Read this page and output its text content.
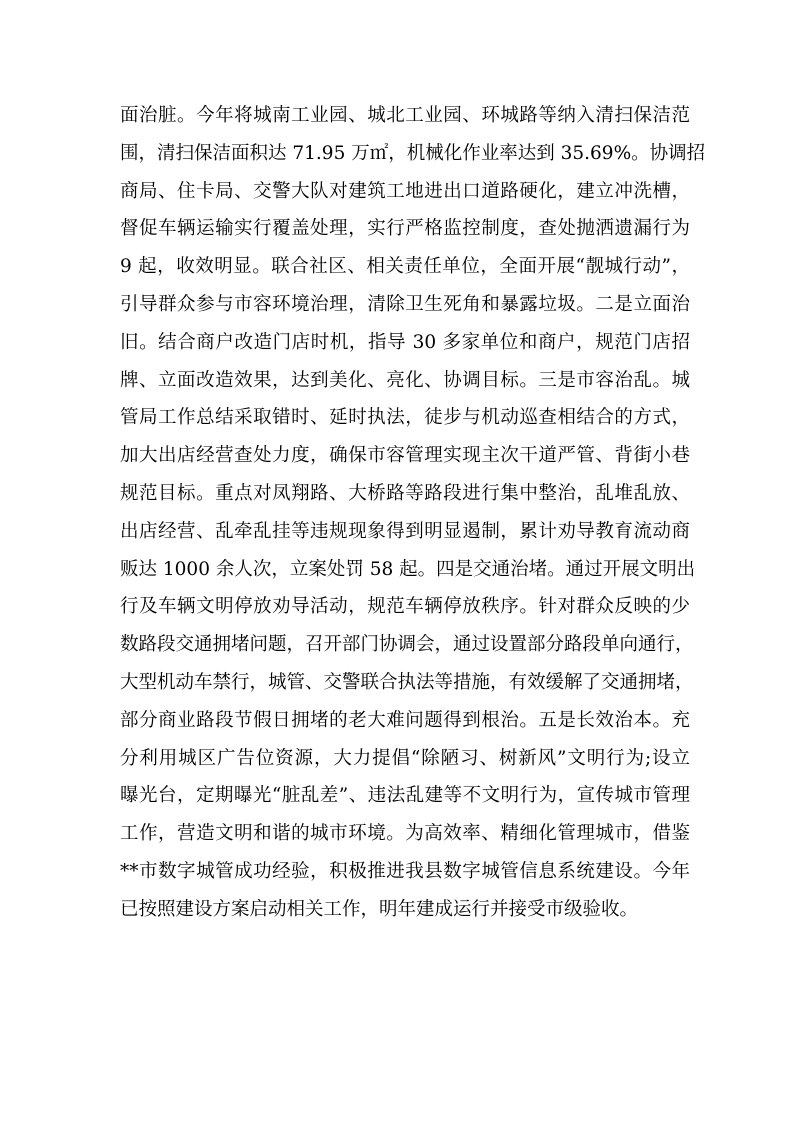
面治脏。今年将城南工业园、城北工业园、环城路等纳入清扫保洁范
围，清扫保洁面积达 71.95 万㎡，机械化作业率达到 35.69%。协调招
商局、住卡局、交警大队对建筑工地进出口道路硬化，建立冲洗槽，
督促车辆运输实行覆盖处理，实行严格监控制度，查处抛洒遗漏行为
9 起，收效明显。联合社区、相关责任单位，全面开展“靓城行动”，
引导群众参与市容环境治理，清除卫生死角和暴露垃圾。二是立面治
旧。结合商户改造门店时机，指导 30 多家单位和商户，规范门店招
牌、立面改造效果，达到美化、亮化、协调目标。三是市容治乱。城
管局工作总结采取错时、延时执法，徒步与机动巡查相结合的方式，
加大出店经营查处力度，确保市容管理实现主次干道严管、背街小巷
规范目标。重点对凤翔路、大桥路等路段进行集中整治，乱堆乱放、
出店经营、乱牵乱挂等违规现象得到明显遏制，累计劝导教育流动商
贩达 1000 余人次，立案处罚 58 起。四是交通治堵。通过开展文明出
行及车辆文明停放劝导活动，规范车辆停放秩序。针对群众反映的少
数路段交通拥堵问题，召开部门协调会，通过设置部分路段单向通行，
大型机动车禁行，城管、交警联合执法等措施，有效缓解了交通拥堵，
部分商业路段节假日拥堵的老大难问题得到根治。五是长效治本。充
分利用城区广告位资源，大力提倡“除陋习、树新风”文明行为;设立
曝光台，定期曝光“脏乱差”、违法乱建等不文明行为，宣传城市管理
工作，营造文明和谐的城市环境。为高效率、精细化管理城市，借鉴
**市数字城管成功经验，积极推进我县数字城管信息系统建设。今年
已按照建设方案启动相关工作，明年建成运行并接受市级验收。
